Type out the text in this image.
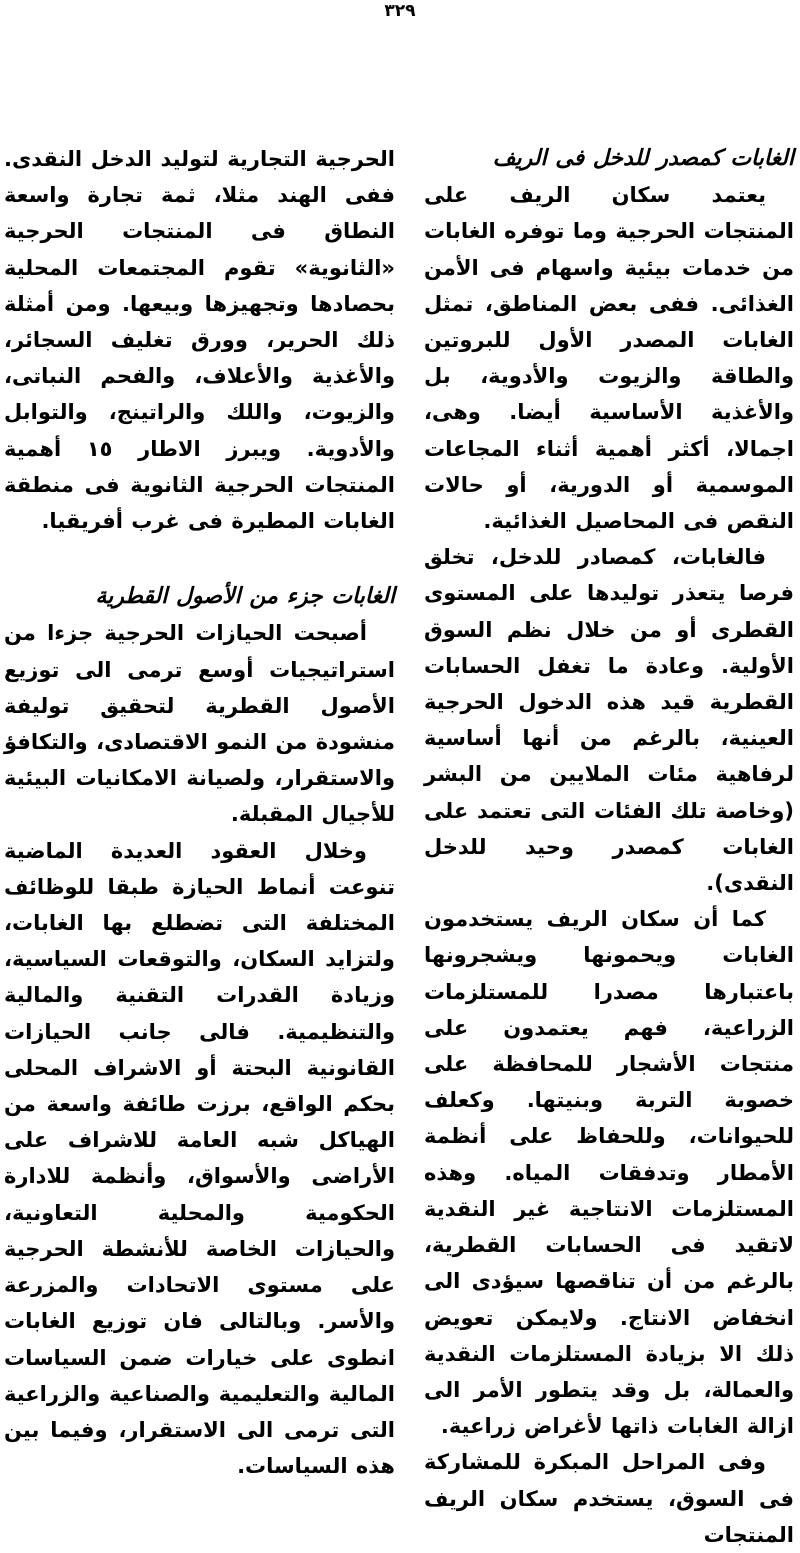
٣٢٩
الغابات كمصدر للدخل فى الريف

يعتمد سكان الريف على المنتجات الحرجية وما توفره الغابات من خدمات بيئية واسهام فى الأمن الغذائى. ففى بعض المناطق، تمثل الغابات المصدر الأول للبروتين والطاقة والزيوت والأدوية، بل والأغذية الأساسية أيضا. وهى، اجمالا، أكثر أهمية أثناء المجاعات الموسمية أو الدورية، أو حالات النقص فى المحاصيل الغذائية.

فالغابات، كمصادر للدخل، تخلق فرصا يتعذر توليدها على المستوى القطرى أو من خلال نظم السوق الأولية. وعادة ما تغفل الحسابات القطرية قيد هذه الدخول الحرجية العينية، بالرغم من أنها أساسية لرفاهية مئات الملايين من البشر (وخاصة تلك الفئات التى تعتمد على الغابات كمصدر وحيد للدخل النقدى).

كما أن سكان الريف يستخدمون الغابات ويحمونها ويشجرونها باعتبارها مصدرا للمستلزمات الزراعية، فهم يعتمدون على منتجات الأشجار للمحافظة على خصوبة التربة وبنيتها. وكعلف للحيوانات، وللحفاظ على أنظمة الأمطار وتدفقات المياه. وهذه المستلزمات الانتاجية غير النقدية لاتقيد فى الحسابات القطرية، بالرغم من أن تناقصها سيؤدى الى انخفاض الانتاج. ولايمكن تعويض ذلك الا بزيادة المستلزمات النقدية والعمالة، بل وقد يتطور الأمر الى ازالة الغابات ذاتها لأغراض زراعية.

وفى المراحل المبكرة للمشاركة فى السوق، يستخدم سكان الريف المنتجات

الحرجية التجارية لتوليد الدخل النقدى. ففى الهند مثلا، ثمة تجارة واسعة النطاق فى المنتجات الحرجية «الثانوية» تقوم المجتمعات المحلية بحصادها وتجهيزها وبيعها. ومن أمثلة ذلك الحرير، وورق تغليف السجائر، والأغذية والأعلاف، والفحم النباتى، والزيوت، واللك والراتينج، والتوابل والأدوية. ويبرز الاطار ١٥ أهمية المنتجات الحرجية الثانوية فى منطقة الغابات المطيرة فى غرب أفريقيا.

الغابات جزء من الأصول القطرية

أصبحت الحيازات الحرجية جزءا من استراتيجيات أوسع ترمى الى توزيع الأصول القطرية لتحقيق توليفة منشودة من النمو الاقتصادى، والتكافؤ والاستقرار، ولصيانة الامكانيات البيئية للأجيال المقبلة.

وخلال العقود العديدة الماضية تنوعت أنماط الحيازة طبقا للوظائف المختلفة التى تضطلع بها الغابات، ولتزايد السكان، والتوقعات السياسية، وزيادة القدرات التقنية والمالية والتنظيمية. فالى جانب الحيازات القانونية البحتة أو الاشراف المحلى بحكم الواقع، برزت طائفة واسعة من الهياكل شبه العامة للاشراف على الأراضى والأسواق، وأنظمة للادارة الحكومية والمحلية التعاونية، والحيازات الخاصة للأنشطة الحرجية على مستوى الاتحادات والمزرعة والأسر. وبالتالى فان توزيع الغابات انطوى على خيارات ضمن السياسات المالية والتعليمية والصناعية والزراعية التى ترمى الى الاستقرار، وفيما بين هذه السياسات.
